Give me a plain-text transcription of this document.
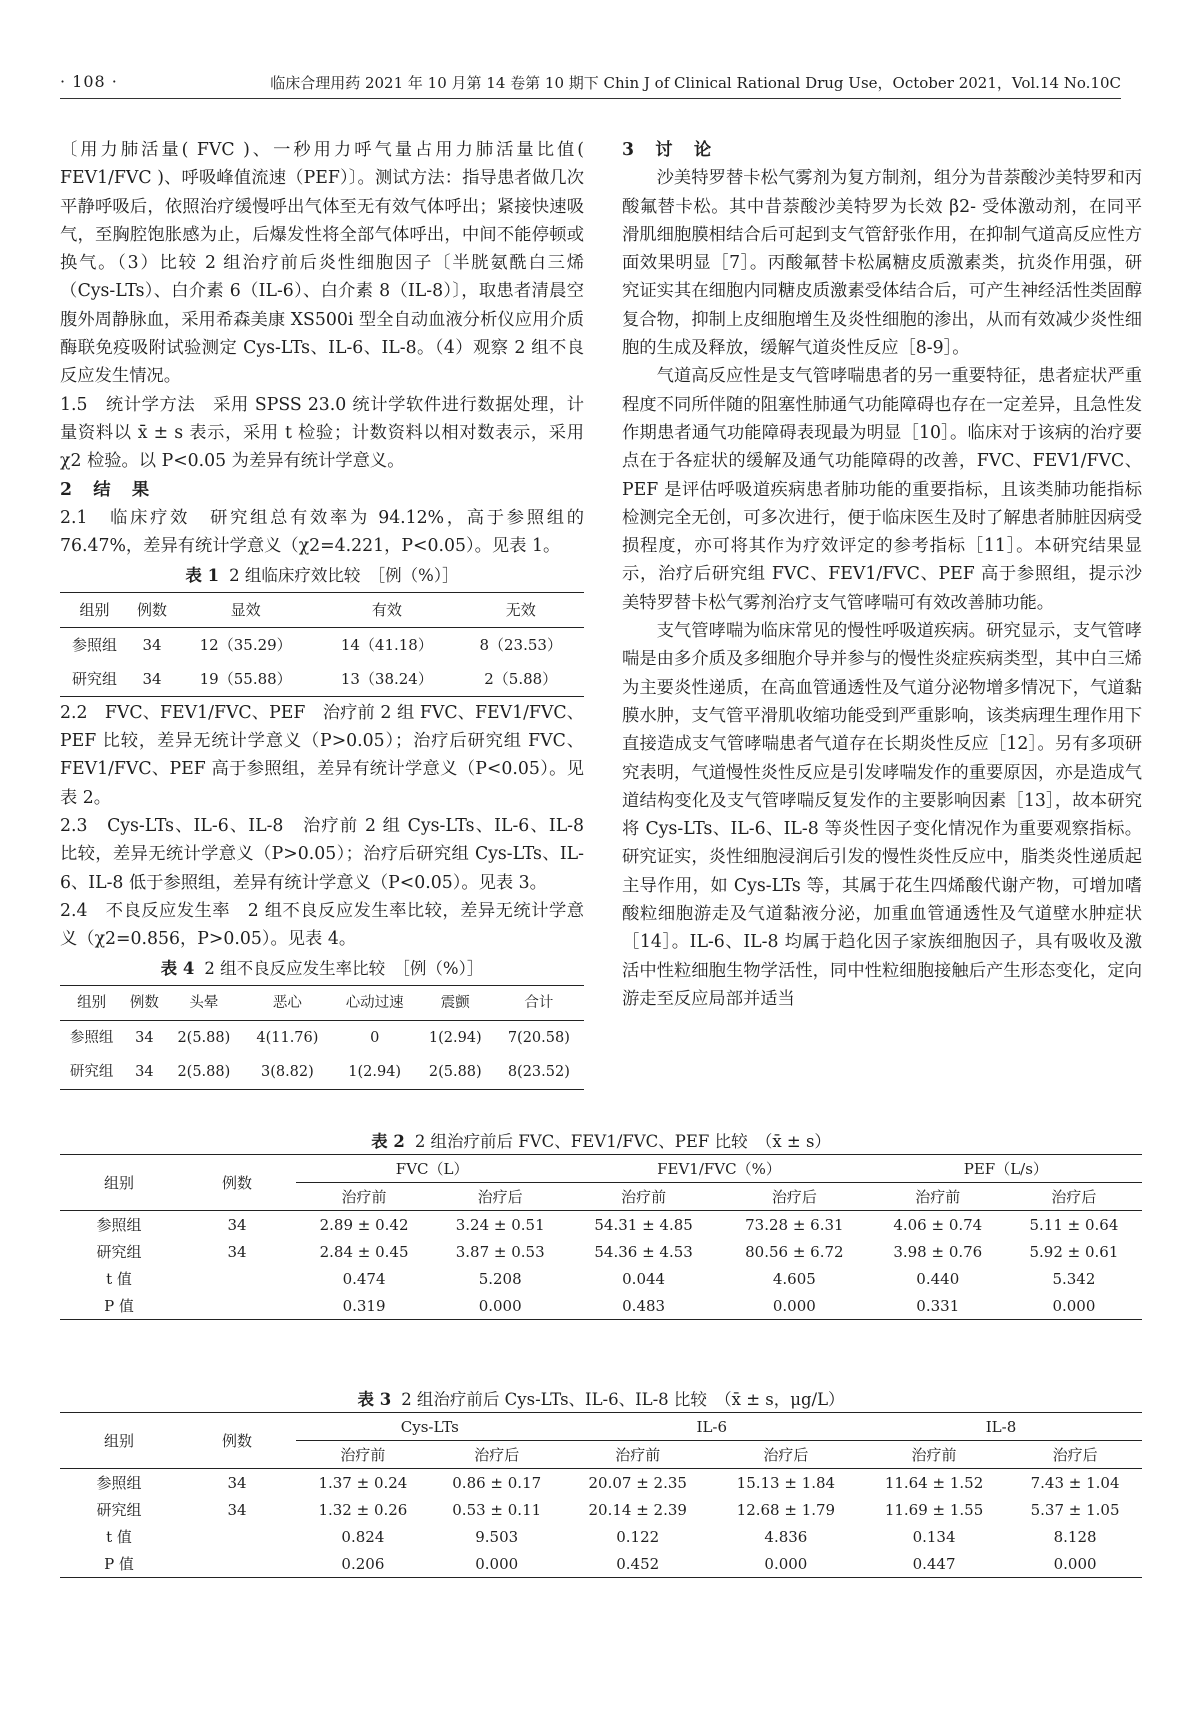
· 108 ·	临床合理用药 2021 年 10 月第 14 卷第 10 期下 Chin J of Clinical Rational Drug Use，October 2021，Vol.14 No.10C

〔用力肺活量( FVC )、一秒用力呼气量占用力肺活量比值( FEV1/FVC )、呼吸峰值流速（PEF）〕。测试方法：指导患者做几次平静呼吸后，依照治疗缓慢呼出气体至无有效气体呼出；紧接快速吸气，至胸腔饱胀感为止，后爆发性将全部气体呼出，中间不能停顿或换气。（3）比较 2 组治疗前后炎性细胞因子〔半胱氨酰白三烯（Cys-LTs）、白介素 6（IL-6）、白介素 8（IL-8）〕，取患者清晨空腹外周静脉血，采用希森美康 XS500i 型全自动血液分析仪应用介质酶联免疫吸附试验测定 Cys-LTs、IL-6、IL-8。（4）观察 2 组不良反应发生情况。

1.5　统计学方法　采用 SPSS 23.0 统计学软件进行数据处理，计量资料以 x̄ ± s 表示，采用 t 检验；计数资料以相对数表示，采用 χ2 检验。以 P<0.05 为差异有统计学意义。

2　结　果

2.1　临床疗效　研究组总有效率为 94.12%，高于参照组的 76.47%，差异有统计学意义（χ2=4.221，P<0.05）。见表 1。

表 1 2 组临床疗效比较　［例（%）］
组别	例数	显效	有效	无效
参照组	34	12（35.29）	14（41.18）	8（23.53）
研究组	34	19（55.88）	13（38.24）	2（5.88）

2.2　FVC、FEV1/FVC、PEF　治疗前 2 组 FVC、FEV1/FVC、PEF 比较，差异无统计学意义（P>0.05）；治疗后研究组 FVC、FEV1/FVC、PEF 高于参照组，差异有统计学意义（P<0.05）。见表 2。

2.3　Cys-LTs、IL-6、IL-8　治疗前 2 组 Cys-LTs、IL-6、IL-8 比较，差异无统计学意义（P>0.05）；治疗后研究组 Cys-LTs、IL-6、IL-8 低于参照组，差异有统计学意义（P<0.05）。见表 3。

2.4　不良反应发生率　2 组不良反应发生率比较，差异无统计学意义（χ2=0.856，P>0.05）。见表 4。

表 4 2 组不良反应发生率比较　［例（%）］
组别	例数	头晕	恶心	心动过速	震颤	合计
参照组	34	2(5.88)	4(11.76)	0	1(2.94)	7(20.58)
研究组	34	2(5.88)	3(8.82)	1(2.94)	2(5.88)	8(23.52)

3　讨　论

沙美特罗替卡松气雾剂为复方制剂，组分为昔萘酸沙美特罗和丙酸氟替卡松。其中昔萘酸沙美特罗为长效 β2- 受体激动剂，在同平滑肌细胞膜相结合后可起到支气管舒张作用，在抑制气道高反应性方面效果明显［7］。丙酸氟替卡松属糖皮质激素类，抗炎作用强，研究证实其在细胞内同糖皮质激素受体结合后，可产生神经活性类固醇复合物，抑制上皮细胞增生及炎性细胞的渗出，从而有效减少炎性细胞的生成及释放，缓解气道炎性反应［8-9］。

气道高反应性是支气管哮喘患者的另一重要特征，患者症状严重程度不同所伴随的阻塞性肺通气功能障碍也存在一定差异，且急性发作期患者通气功能障碍表现最为明显［10］。临床对于该病的治疗要点在于各症状的缓解及通气功能障碍的改善，FVC、FEV1/FVC、PEF 是评估呼吸道疾病患者肺功能的重要指标，且该类肺功能指标检测完全无创，可多次进行，便于临床医生及时了解患者肺脏因病受损程度，亦可将其作为疗效评定的参考指标［11］。本研究结果显示，治疗后研究组 FVC、FEV1/FVC、PEF 高于参照组，提示沙美特罗替卡松气雾剂治疗支气管哮喘可有效改善肺功能。

支气管哮喘为临床常见的慢性呼吸道疾病。研究显示，支气管哮喘是由多介质及多细胞介导并参与的慢性炎症疾病类型，其中白三烯为主要炎性递质，在高血管通透性及气道分泌物增多情况下，气道黏膜水肿，支气管平滑肌收缩功能受到严重影响，该类病理生理作用下直接造成支气管哮喘患者气道存在长期炎性反应［12］。另有多项研究表明，气道慢性炎性反应是引发哮喘发作的重要原因，亦是造成气道结构变化及支气管哮喘反复发作的主要影响因素［13］，故本研究将 Cys-LTs、IL-6、IL-8 等炎性因子变化情况作为重要观察指标。研究证实，炎性细胞浸润后引发的慢性炎性反应中，脂类炎性递质起主导作用，如 Cys-LTs 等，其属于花生四烯酸代谢产物，可增加嗜酸粒细胞游走及气道黏液分泌，加重血管通透性及气道壁水肿症状［14］。IL-6、IL-8 均属于趋化因子家族细胞因子，具有吸收及激活中性粒细胞生物学活性，同中性粒细胞接触后产生形态变化，定向游走至反应局部并适当

表 2 2 组治疗前后 FVC、FEV1/FVC、PEF 比较　（x̄ ± s）
组别	例数	FVC（L）		FEV1/FVC（%）		PEF（L/s）	
		治疗前	治疗后	治疗前	治疗后	治疗前	治疗后
参照组	34	2.89 ± 0.42	3.24 ± 0.51	54.31 ± 4.85	73.28 ± 6.31	4.06 ± 0.74	5.11 ± 0.64
研究组	34	2.84 ± 0.45	3.87 ± 0.53	54.36 ± 4.53	80.56 ± 6.72	3.98 ± 0.76	5.92 ± 0.61
t 值		0.474	5.208	0.044	4.605	0.440	5.342
P 值		0.319	0.000	0.483	0.000	0.331	0.000
表 3 2 组治疗前后 Cys-LTs、IL-6、IL-8 比较　（x̄ ± s，μg/L）
组别	例数	Cys-LTs		IL-6		IL-8	
		治疗前	治疗后	治疗前	治疗后	治疗前	治疗后
参照组	34	1.37 ± 0.24	0.86 ± 0.17	20.07 ± 2.35	15.13 ± 1.84	11.64 ± 1.52	7.43 ± 1.04
研究组	34	1.32 ± 0.26	0.53 ± 0.11	20.14 ± 2.39	12.68 ± 1.79	11.69 ± 1.55	5.37 ± 1.05
t 值		0.824	9.503	0.122	4.836	0.134	8.128
P 值		0.206	0.000	0.452	0.000	0.447	0.000
